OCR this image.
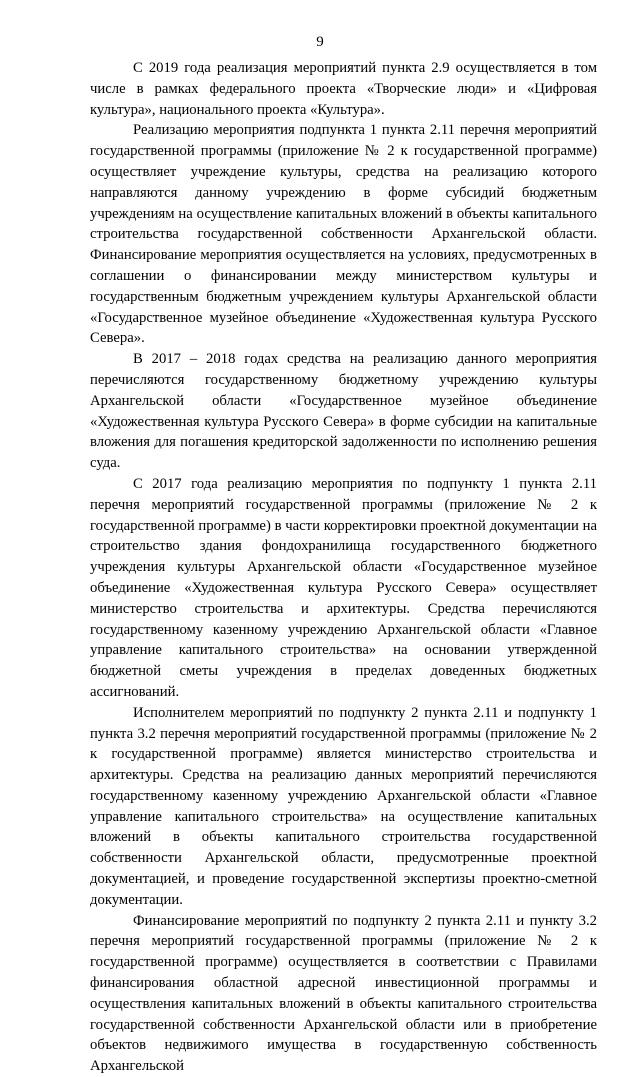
9

С 2019 года реализация мероприятий пункта 2.9 осуществляется в том числе в рамках федерального проекта «Творческие люди» и «Цифровая культура», национального проекта «Культура».

Реализацию мероприятия подпункта 1 пункта 2.11 перечня мероприятий государственной программы (приложение № 2 к государственной программе) осуществляет учреждение культуры, средства на реализацию которого направляются данному учреждению в форме субсидий бюджетным учреждениям на осуществление капитальных вложений в объекты капитального строительства государственной собственности Архангельской области. Финансирование мероприятия осуществляется на условиях, предусмотренных в соглашении о финансировании между министерством культуры и государственным бюджетным учреждением культуры Архангельской области «Государственное музейное объединение «Художественная культура Русского Севера».

В 2017 – 2018 годах средства на реализацию данного мероприятия перечисляются государственному бюджетному учреждению культуры Архангельской области «Государственное музейное объединение «Художественная культура Русского Севера» в форме субсидии на капитальные вложения для погашения кредиторской задолженности по исполнению решения суда.

С 2017 года реализацию мероприятия по подпункту 1 пункта 2.11 перечня мероприятий государственной программы (приложение № 2 к государственной программе) в части корректировки проектной документации на строительство здания фондохранилища государственного бюджетного учреждения культуры Архангельской области «Государственное музейное объединение «Художественная культура Русского Севера» осуществляет министерство строительства и архитектуры. Средства перечисляются государственному казенному учреждению Архангельской области «Главное управление капитального строительства» на основании утвержденной бюджетной сметы учреждения в пределах доведенных бюджетных ассигнований.

Исполнителем мероприятий по подпункту 2 пункта 2.11 и подпункту 1 пункта 3.2 перечня мероприятий государственной программы (приложение № 2 к государственной программе) является министерство строительства и архитектуры. Средства на реализацию данных мероприятий перечисляются государственному казенному учреждению Архангельской области «Главное управление капитального строительства» на осуществление капитальных вложений в объекты капитального строительства государственной собственности Архангельской области, предусмотренные проектной документацией, и проведение государственной экспертизы проектно-сметной документации.

Финансирование мероприятий по подпункту 2 пункта 2.11 и пункту 3.2 перечня мероприятий государственной программы (приложение № 2 к государственной программе) осуществляется в соответствии с Правилами финансирования областной адресной инвестиционной программы и осуществления капитальных вложений в объекты капитального строительства государственной собственности Архангельской области или в приобретение объектов недвижимого имущества в государственную собственность Архангельской
